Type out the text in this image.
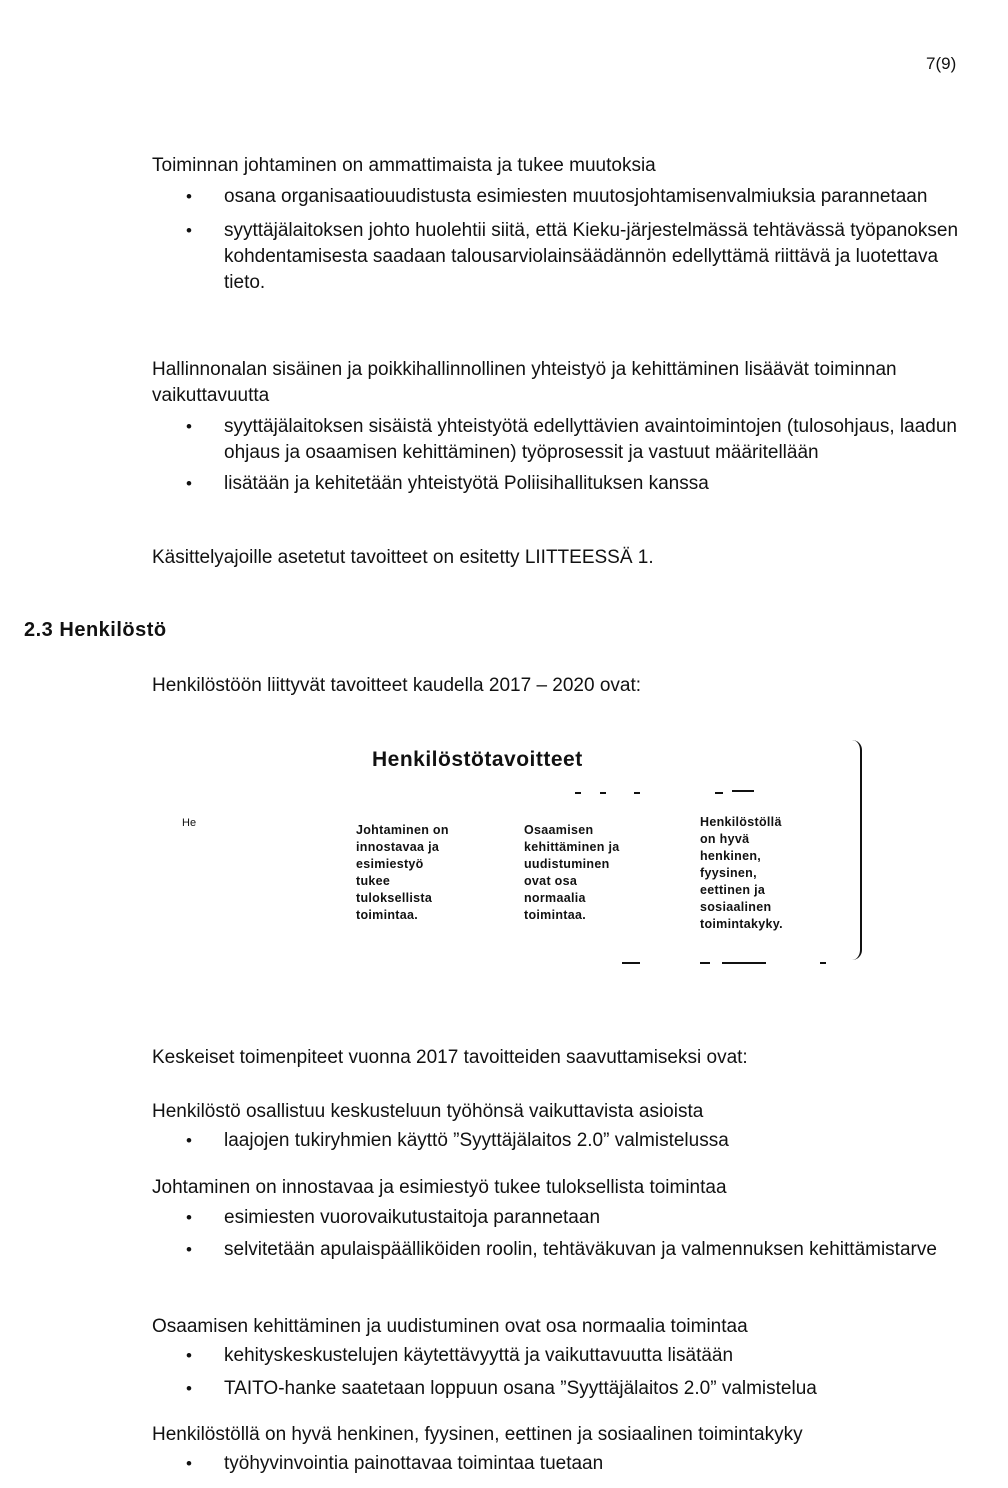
7(9)

Toiminnan johtaminen on ammattimaista ja tukee muutoksia

• osana organisaatiouudistusta esimiesten muutosjohtamisenvalmiuksia parannetaan
• syyttäjälaitoksen johto huolehtii siitä, että Kieku-järjestelmässä tehtävässä työpanoksen kohdentamisesta saadaan talousarviolainsäädännön edellyttämä riittävä ja luotettava tieto.

Hallinnonalan sisäinen ja poikkihallinnollinen yhteistyö ja kehittäminen lisäävät toiminnan vaikuttavuutta

• syyttäjälaitoksen sisäistä yhteistyötä edellyttävien avaintoimintojen (tulosohjaus, laadun ohjaus ja osaamisen kehittäminen) työprosessit ja vastuut määritellään
• lisätään ja kehitetään yhteistyötä Poliisihallituksen kanssa
Käsittelyajoille asetetut tavoitteet on esitetty LIITTEESSÄ 1.
2.3 Henkilöstö
Henkilöstöön liittyvät tavoitteet kaudella 2017 – 2020 ovat:
Henkilöstötavoitteet
He	Johtaminen on
innostavaa ja
esimiestyö
tukee
tuloksellista
toimintaa.
Osaamisen
kehittäminen ja
uudistuminen
ovat osa
normaalia
toimintaa.
Henkilöstöllä
on hyvä
henkinen,
fyysinen,
eettinen ja
sosiaalinen
toimintakyky.
Keskeiset toimenpiteet vuonna 2017 tavoitteiden saavuttamiseksi ovat:

Henkilöstö osallistuu keskusteluun työhönsä vaikuttavista asioista

• laajojen tukiryhmien käyttö ”Syyttäjälaitos 2.0” valmistelussa

Johtaminen on innostavaa ja esimiestyö tukee tuloksellista toimintaa

• esimiesten vuorovaikutustaitoja parannetaan
• selvitetään apulaispäälliköiden roolin, tehtäväkuvan ja valmennuksen kehittämistarve

Osaamisen kehittäminen ja uudistuminen ovat osa normaalia toimintaa

• kehityskeskustelujen käytettävyyttä ja vaikuttavuutta lisätään
• TAITO-hanke saatetaan loppuun osana ”Syyttäjälaitos 2.0” valmistelua

Henkilöstöllä on hyvä henkinen, fyysinen, eettinen ja sosiaalinen toimintakyky

• työhyvinvointia painottavaa toimintaa tuetaan
